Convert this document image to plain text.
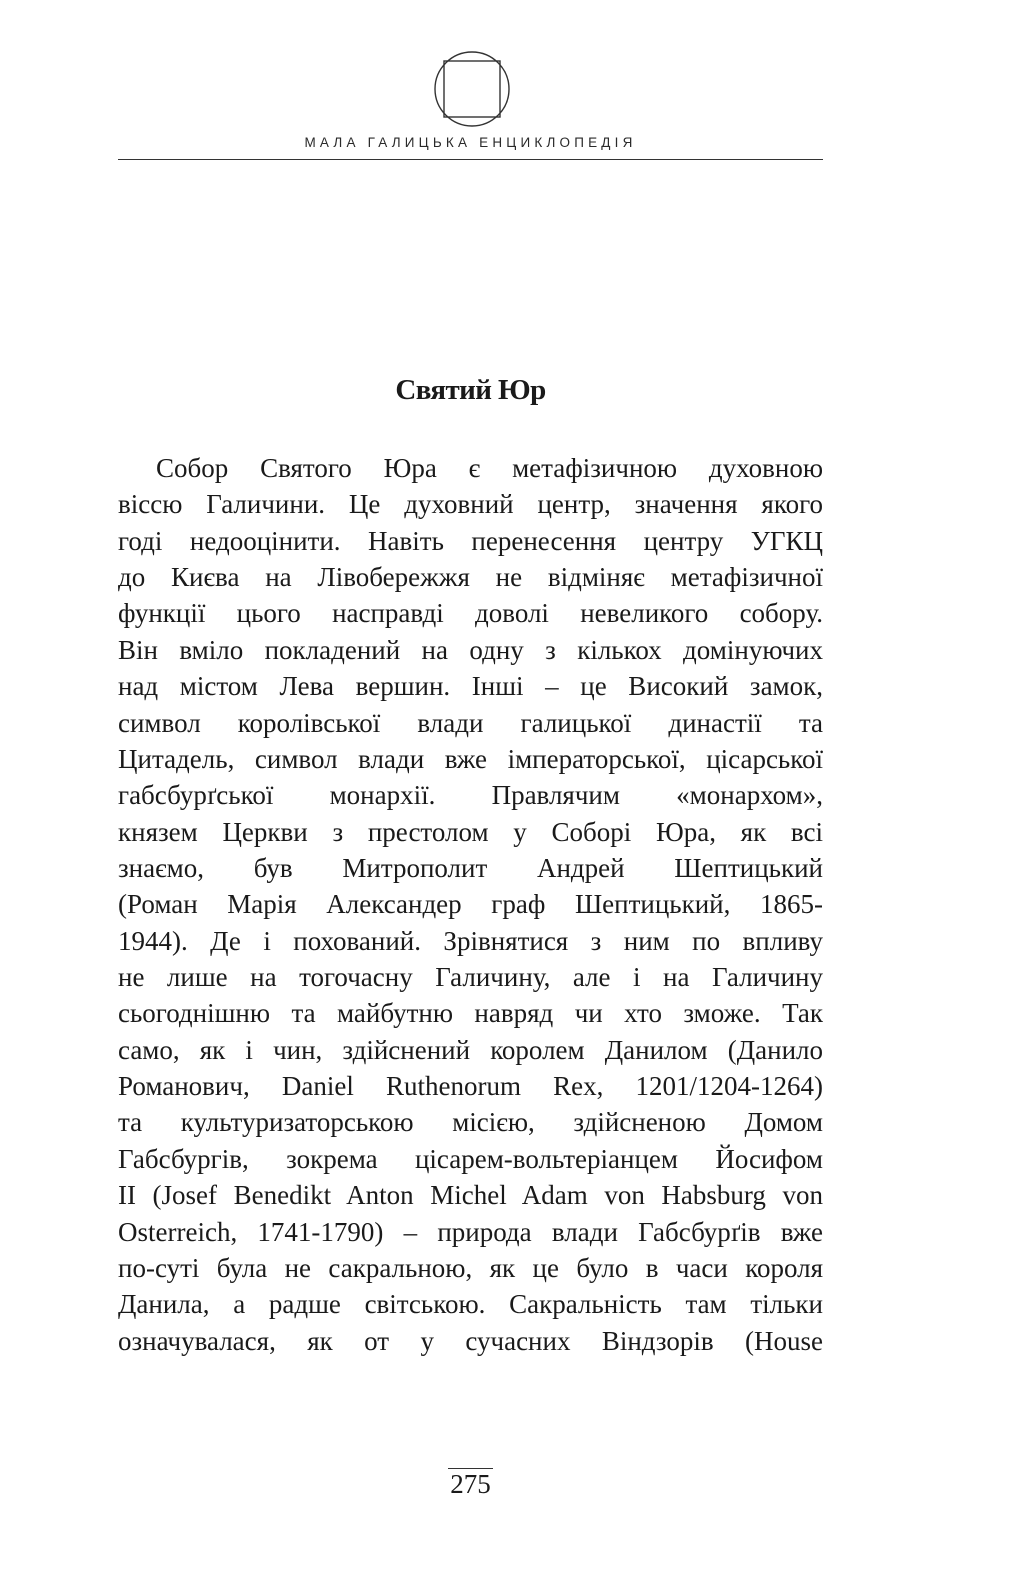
МАЛА ГАЛИЦЬКА ЕНЦИКЛОПЕДІЯ
Святий Юр
Собор Святого Юра є метафізичною духовною
віссю Галичини. Це духовний центр, значення якого
годі недооцінити. Навіть перенесення центру УГКЦ
до Києва на Лівобережжя не відміняє метафізичної
функції цього насправді доволі невеликого собору.
Він вміло покладений на одну з кількох домінуючих
над містом Лева вершин. Інші – це Високий замок,
символ королівської влади галицької династії та
Цитадель, символ влади вже імператорської, цісарської
габсбурґської монархії. Правлячим «монархом»,
князем Церкви з престолом у Соборі Юра, як всі
знаємо, був Митрополит Андрей Шептицький
(Роман Марія Александер граф Шептицький, 1865-
1944). Де і похований. Зрівнятися з ним по впливу
не лише на тогочасну Галичину, але і на Галичину
сьогоднішню та майбутню навряд чи хто зможе. Так
само, як і чин, здійснений королем Данилом (Данило
Романович, Daniel Ruthenorum Rex, 1201/1204-1264)
та культуризаторською місією, здійсненою Домом
Габсбургів, зокрема цісарем-вольтеріанцем Йосифом
II (Josef Benedikt Anton Michel Adam von Habsburg von
Osterreich, 1741-1790) – природа влади Габсбурґів вже
по-суті була не сакральною, як це було в часи короля
Данила, а радше світською. Сакральність там тільки
означувалася, як от у сучасних Віндзорів (House
275
